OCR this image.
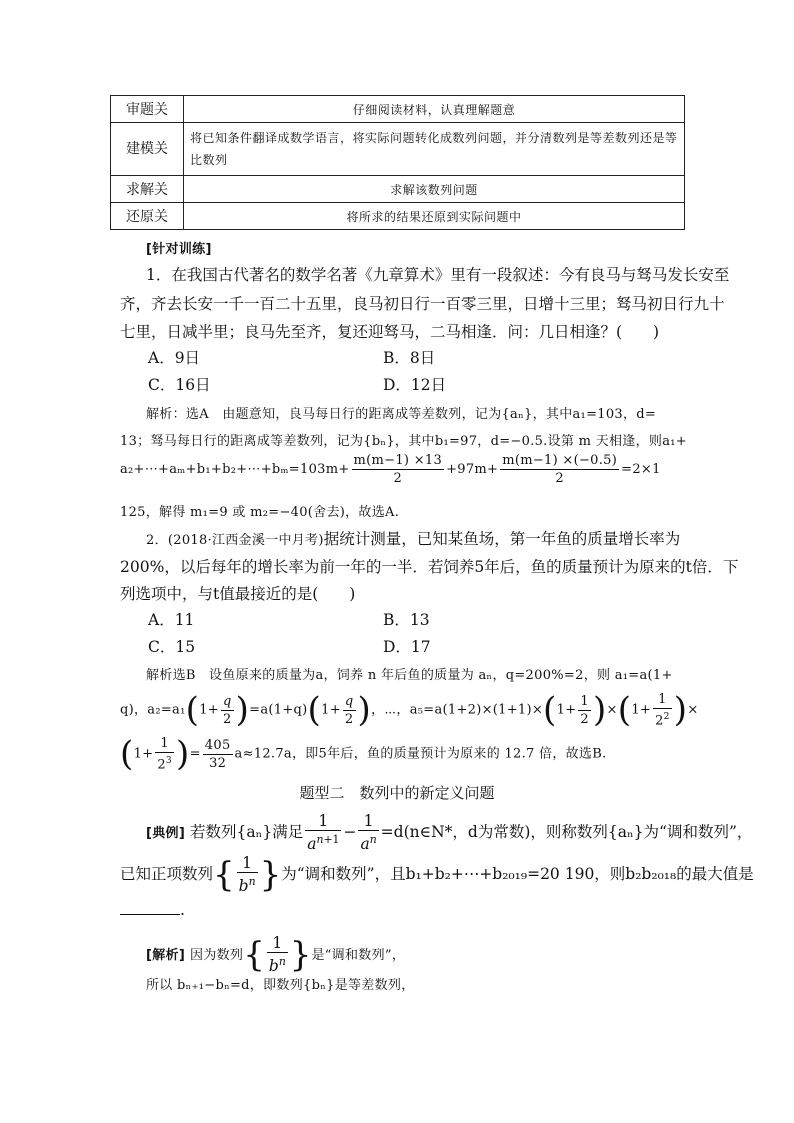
审题关	仔细阅读材料，认真理解题意
建模关	将已知条件翻译成数学语言，将实际问题转化成数列问题，并分清数列是等差数列还是等比数列
求解关	求解该数列问题
还原关	将所求的结果还原到实际问题中
[针对训练]
1．在我国古代著名的数学名著《九章算术》里有一段叙述：今有良马与驽马发长安至
齐，齐去长安一千一百二十五里，良马初日行一百零三里，日增十三里；驽马初日行九十
七里，日减半里；良马先至齐，复还迎驽马，二马相逢．问：几日相逢？(　　)
A．9日	B．8日
C．16日	D．12日
解析：选A　由题意知，良马每日行的距离成等差数列，记为{aₙ}，其中a₁=103，d=
13；驽马每日行的距离成等差数列，记为{bₙ}，其中b₁=97，d=−0.5.设第 m 天相逢，则a₁+
a₂+⋯+aₘ+b₁+b₂+⋯+bₘ=103m+ $\frac{m(m-1) \times 13}{2} +97m+ \frac{m(m-1) \times(-0.5)}{2} =2\times 1$
125，解得 m₁=9 或 m₂=−40(舍去)，故选A.
2．(2018·江西金溪一中月考)据统计测量，已知某鱼场，第一年鱼的质量增长率为
200%，以后每年的增长率为前一年的一半．若饲养5年后，鱼的质量预计为原来的t倍．下
列选项中，与t值最接近的是(　　)
A．11	B．13
C．15	D．17
解析选B　设鱼原来的质量为a，饲养 n 年后鱼的质量为 aₙ，q=200%=2，则 a₁=a(1+
q)，$a_2=a_1(1+ \frac{q}{2} )=a(1+q)(1+ \frac{q}{2}$ )，⋯，$a_5=a(1+2)\times(1+1)\times(1+ \frac{1}{2} )\times(1+ \frac{1}{2^2}$ )×
($1+ \frac{1}{2^3}$ )= $\frac{405}{32} a\approx 12.7a$，即5年后，鱼的质量预计为原来的 12.7 倍，故选B.
题型二　数列中的新定义问题
[典例] 若数列{aₙ}满足 $\frac{1}{a^{n+1}} - \frac{1}{a^n}$ =d(n∈N*，d为常数)，则称数列{aₙ}为“调和数列”，
已知正项数列{ $\frac{1}{b^n}$ }为“调和数列”，且b₁+b₂+⋯+b₂₀₁₉=20 190，则b₂b₂₀₁₈的最大值是
.
[解析] 因为数列{ $\frac{1}{b^n}$ }是“调和数列”，
所以 bₙ₊₁−bₙ=d，即数列{bₙ}是等差数列，
